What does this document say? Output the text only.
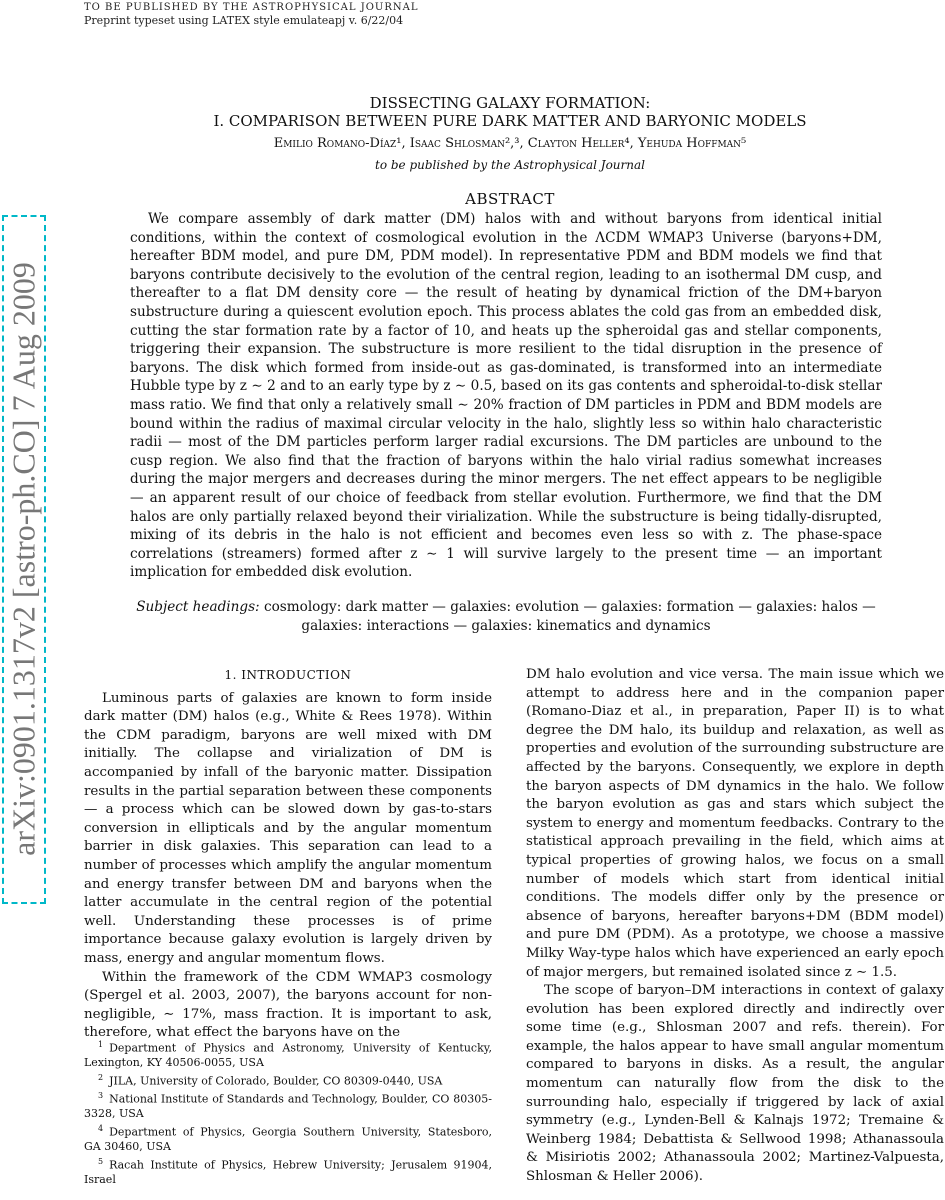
TO BE PUBLISHED BY THE ASTROPHYSICAL JOURNAL
Preprint typeset using LATEX style emulateapj v. 6/22/04
arXiv:0901.1317v2 [astro-ph.CO] 7 Aug 2009
DISSECTING GALAXY FORMATION:
I. COMPARISON BETWEEN PURE DARK MATTER AND BARYONIC MODELS
Emilio Romano-Díaz¹, Isaac Shlosman²,³, Clayton Heller⁴, Yehuda Hoffman⁵
to be published by the Astrophysical Journal
ABSTRACT
We compare assembly of dark matter (DM) halos with and without baryons from identical initial conditions, within the context of cosmological evolution in the ΛCDM WMAP3 Universe (baryons+DM, hereafter BDM model, and pure DM, PDM model). In representative PDM and BDM models we find that baryons contribute decisively to the evolution of the central region, leading to an isothermal DM cusp, and thereafter to a flat DM density core — the result of heating by dynamical friction of the DM+baryon substructure during a quiescent evolution epoch. This process ablates the cold gas from an embedded disk, cutting the star formation rate by a factor of 10, and heats up the spheroidal gas and stellar components, triggering their expansion. The substructure is more resilient to the tidal disruption in the presence of baryons. The disk which formed from inside-out as gas-dominated, is transformed into an intermediate Hubble type by z ∼ 2 and to an early type by z ∼ 0.5, based on its gas contents and spheroidal-to-disk stellar mass ratio. We find that only a relatively small ∼ 20% fraction of DM particles in PDM and BDM models are bound within the radius of maximal circular velocity in the halo, slightly less so within halo characteristic radii — most of the DM particles perform larger radial excursions. The DM particles are unbound to the cusp region. We also find that the fraction of baryons within the halo virial radius somewhat increases during the major mergers and decreases during the minor mergers. The net effect appears to be negligible — an apparent result of our choice of feedback from stellar evolution. Furthermore, we find that the DM halos are only partially relaxed beyond their virialization. While the substructure is being tidally-disrupted, mixing of its debris in the halo is not efficient and becomes even less so with z. The phase-space correlations (streamers) formed after z ∼ 1 will survive largely to the present time — an important implication for embedded disk evolution.
Subject headings: cosmology: dark matter — galaxies: evolution — galaxies: formation — galaxies: halos — galaxies: interactions — galaxies: kinematics and dynamics
1. INTRODUCTION

Luminous parts of galaxies are known to form inside dark matter (DM) halos (e.g., White & Rees 1978). Within the CDM paradigm, baryons are well mixed with DM initially. The collapse and virialization of DM is accompanied by infall of the baryonic matter. Dissipation results in the partial separation between these components — a process which can be slowed down by gas-to-stars conversion in ellipticals and by the angular momentum barrier in disk galaxies. This separation can lead to a number of processes which amplify the angular momentum and energy transfer between DM and baryons when the latter accumulate in the central region of the potential well. Understanding these processes is of prime importance because galaxy evolution is largely driven by mass, energy and angular momentum flows.

Within the framework of the CDM WMAP3 cosmology (Spergel et al. 2003, 2007), the baryons account for non-negligible, ∼ 17%, mass fraction. It is important to ask, therefore, what effect the baryons have on the

DM halo evolution and vice versa. The main issue which we attempt to address here and in the companion paper (Romano-Diaz et al., in preparation, Paper II) is to what degree the DM halo, its buildup and relaxation, as well as properties and evolution of the surrounding substructure are affected by the baryons. Consequently, we explore in depth the baryon aspects of DM dynamics in the halo. We follow the baryon evolution as gas and stars which subject the system to energy and momentum feedbacks. Contrary to the statistical approach prevailing in the field, which aims at typical properties of growing halos, we focus on a small number of models which start from identical initial conditions. The models differ only by the presence or absence of baryons, hereafter baryons+DM (BDM model) and pure DM (PDM). As a prototype, we choose a massive Milky Way-type halos which have experienced an early epoch of major mergers, but remained isolated since z ∼ 1.5.

The scope of baryon–DM interactions in context of galaxy evolution has been explored directly and indirectly over some time (e.g., Shlosman 2007 and refs. therein). For example, the halos appear to have small angular momentum compared to baryons in disks. As a result, the angular momentum can naturally flow from the disk to the surrounding halo, especially if triggered by lack of axial symmetry (e.g., Lynden-Bell & Kalnajs 1972; Tremaine & Weinberg 1984; Debattista & Sellwood 1998; Athanassoula & Misiriotis 2002; Athanassoula 2002; Martinez-Valpuesta, Shlosman & Heller 2006).

$^1$ Department of Physics and Astronomy, University of Kentucky, Lexington, KY 40506-0055, USA
$^2$ JILA, University of Colorado, Boulder, CO 80309-0440, USA
$^3$ National Institute of Standards and Technology, Boulder, CO 80305-3328, USA
$^4$ Department of Physics, Georgia Southern University, Statesboro, GA 30460, USA
$^5$ Racah Institute of Physics, Hebrew University; Jerusalem 91904, Israel
